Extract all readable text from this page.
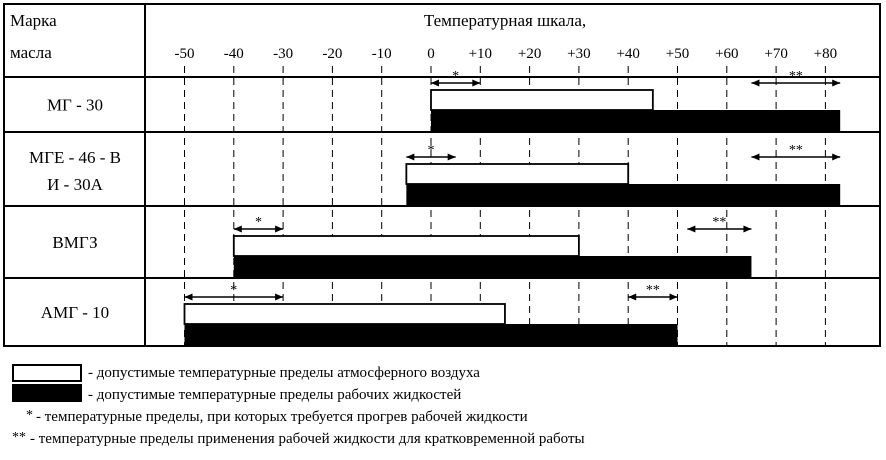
Марка
масла
Температурная шкала,
-50 -40 -30 -20 -10 0 +10 +20 +30 +40 +50 +60 +70 +80
МГ - 30
*	**
МГЕ - 46 - В
И - 30А
*	**
ВМГЗ
*	**
АМГ - 10
*	**
- допустимые температурные пределы атмосферного воздуха
- допустимые температурные пределы рабочих жидкостей
* - температурные пределы, при которых требуется прогрев рабочей жидкости
** - температурные пределы применения рабочей жидкости для кратковременной работы
